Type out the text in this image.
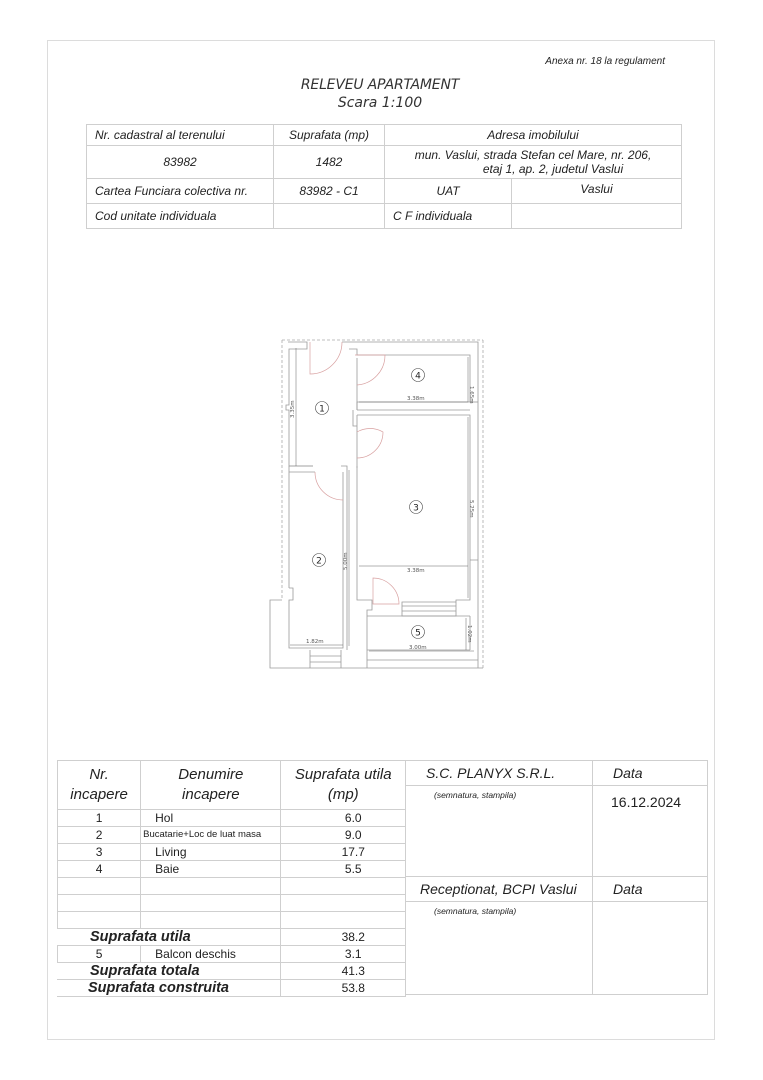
Anexa nr. 18 la regulament
RELEVEU APARTAMENT
Scara 1:100
Nr. cadastral al terenului	Suprafata (mp)	Adresa imobilului	
83982	1482	mun. Vaslui, strada Stefan cel Mare, nr. 206,
etaj 1, ap. 2, judetul Vaslui	

Cartea Funciara colectiva nr.	83982 - C1	UAT	Vaslui
Cod unitate individuala		C F individuala	
3.38m
3.38m
1.82m
3.00m
3.35m
1.65m
5.25m
5.00m
1.02m
1
2
3
4
5
Nr.
incapere

Denumire
incapere

Suprafata utila
(mp)

1	Hol	6.0
2	Bucatarie+Loc de luat masa	9.0
3	Living	17.7
4	Baie	5.5

Suprafata utila		38.2
5	Balcon deschis	3.1
Suprafata totala		41.3
Suprafata construita		53.8
S.C. PLANYX S.R.L.	Data
(semnatura, stampila)	16.12.2024
Receptionat, BCPI Vaslui	Data
(semnatura, stampila)	
